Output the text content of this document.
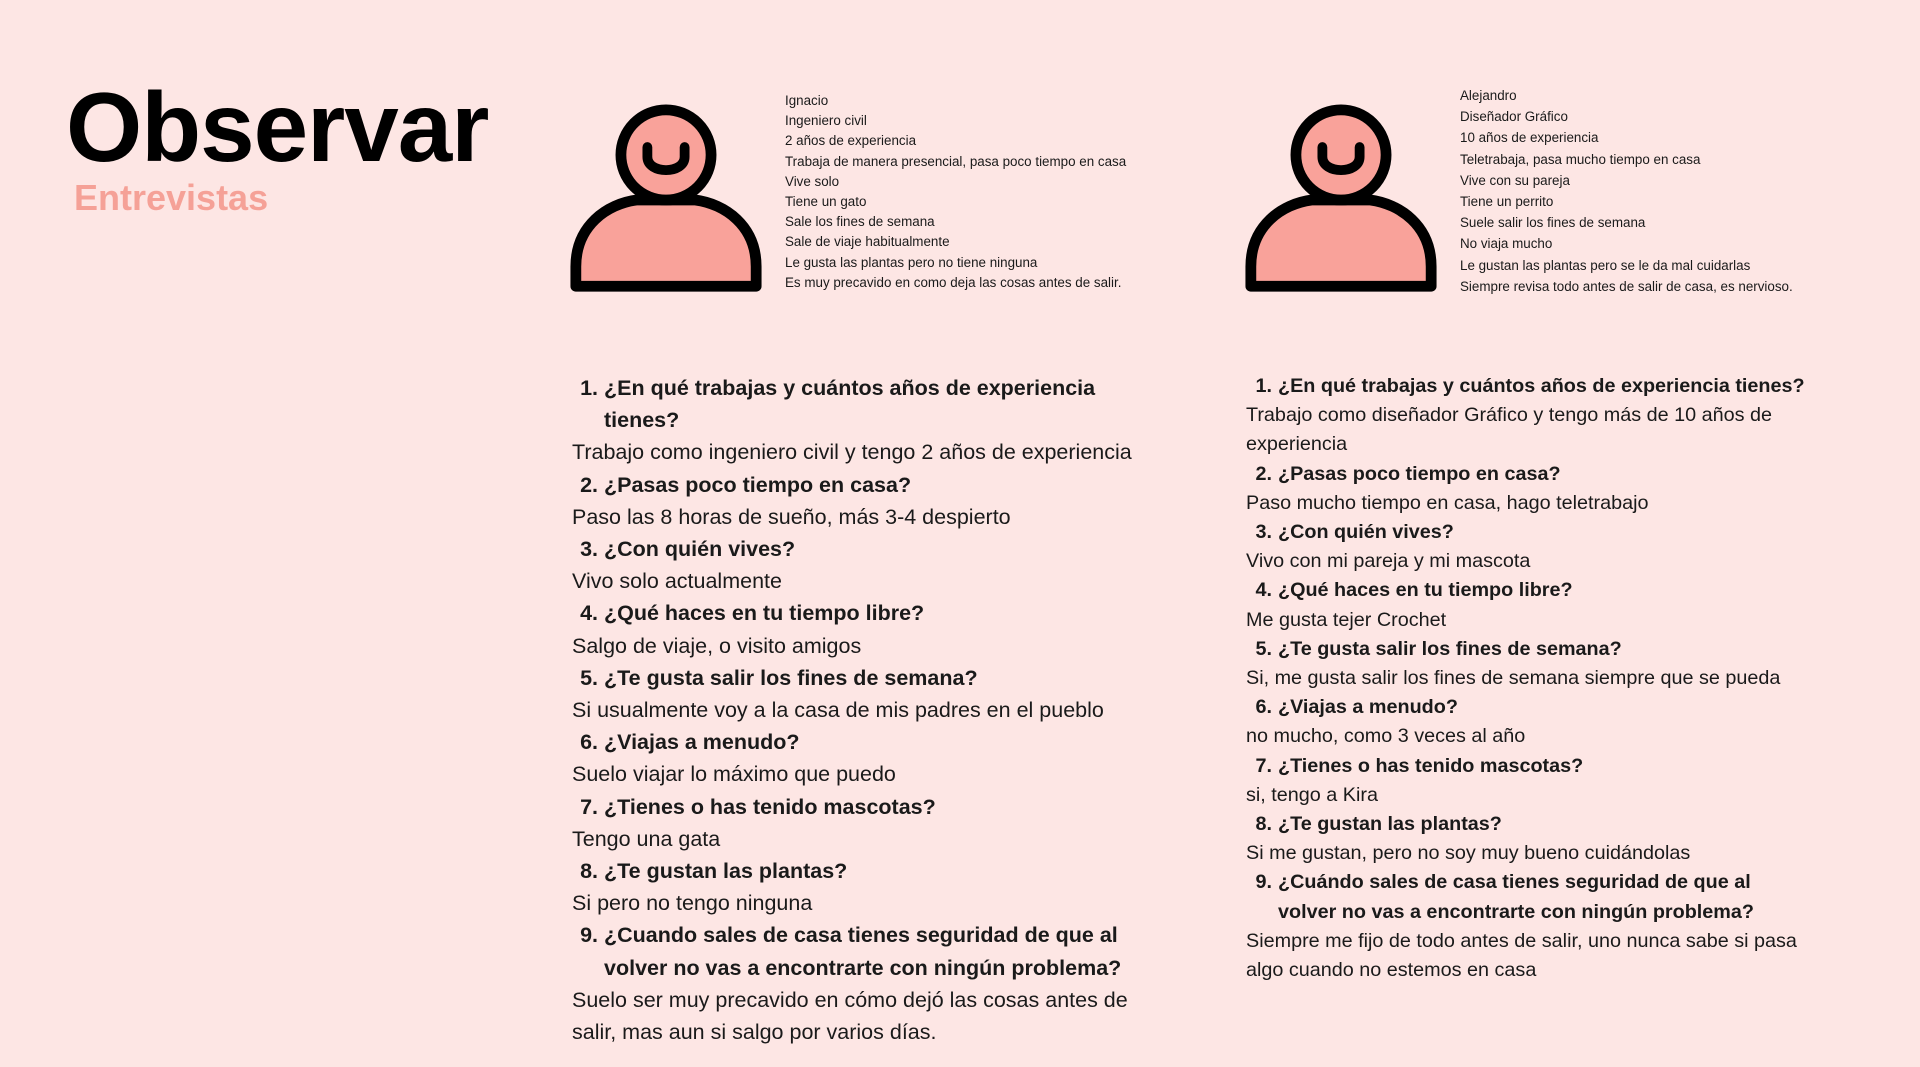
Observar
Entrevistas
Ignacio
Ingeniero civil
2 años de experiencia
Trabaja de manera presencial, pasa poco tiempo en casa
Vive solo
Tiene un gato
Sale los fines de semana
Sale de viaje habitualmente
Le gusta las plantas pero no tiene ninguna
Es muy precavido en como deja las cosas antes de salir.
Alejandro
Diseñador Gráfico
10 años de experiencia
Teletrabaja, pasa mucho tiempo en casa
Vive con su pareja
Tiene un perrito
Suele salir los fines de semana
No viaja mucho
Le gustan las plantas pero se le da mal cuidarlas
Siempre revisa todo antes de salir de casa, es nervioso.
1. ¿En qué trabajas y cuántos años de experiencia tienes?
Trabajo como ingeniero civil y tengo 2 años de experiencia
2. ¿Pasas poco tiempo en casa?
Paso las 8 horas de sueño, más 3-4 despierto
3. ¿Con quién vives?
Vivo solo actualmente
4. ¿Qué haces en tu tiempo libre?
Salgo de viaje, o visito amigos
5. ¿Te gusta salir los fines de semana?
Si usualmente voy a la casa de mis padres en el pueblo
6. ¿Viajas a menudo?
Suelo viajar lo máximo que puedo
7. ¿Tienes o has tenido mascotas?
Tengo una gata
8. ¿Te gustan las plantas?
Si pero no tengo ninguna
9. ¿Cuando sales de casa tienes seguridad de que al volver no vas a encontrarte con ningún problema?
Suelo ser muy precavido en cómo dejó las cosas antes de salir, mas aun si salgo por varios días.
1. ¿En qué trabajas y cuántos años de experiencia tienes?
Trabajo como diseñador Gráfico y tengo más de 10 años de experiencia
2. ¿Pasas poco tiempo en casa?
Paso mucho tiempo en casa, hago teletrabajo
3. ¿Con quién vives?
Vivo con mi pareja y mi mascota
4. ¿Qué haces en tu tiempo libre?
Me gusta tejer Crochet
5. ¿Te gusta salir los fines de semana?
Si, me gusta salir los fines de semana siempre que se pueda
6. ¿Viajas a menudo?
no mucho, como 3 veces al año
7. ¿Tienes o has tenido mascotas?
si, tengo a Kira
8. ¿Te gustan las plantas?
Si me gustan, pero no soy muy bueno cuidándolas
9. ¿Cuándo sales de casa tienes seguridad de que al volver no vas a encontrarte con ningún problema?
Siempre me fijo de todo antes de salir, uno nunca sabe si pasa algo cuando no estemos en casa
